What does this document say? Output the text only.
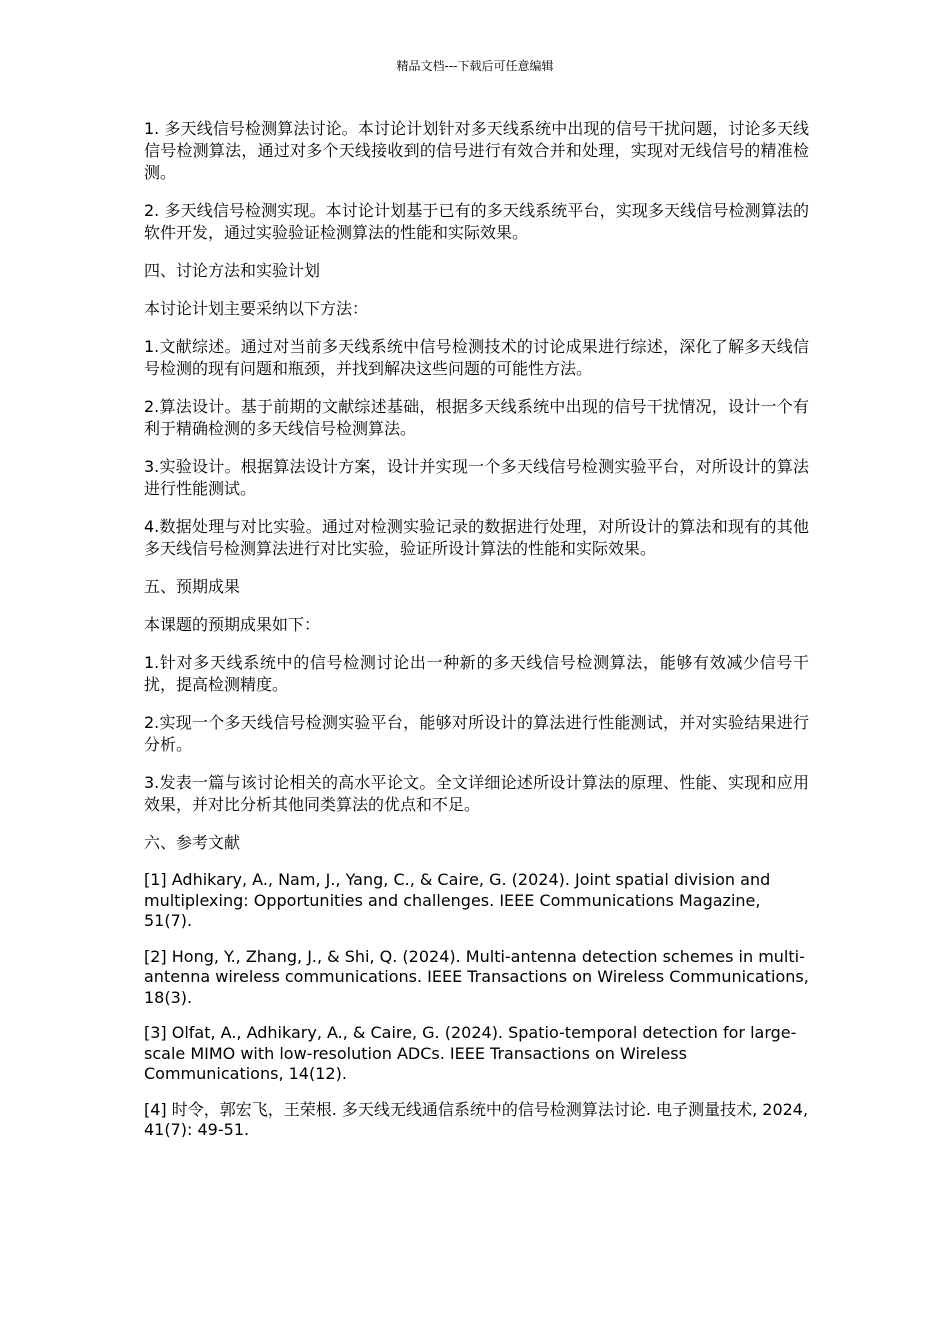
精品文档---下载后可任意编辑

1. 多天线信号检测算法讨论。本讨论计划针对多天线系统中出现的信号干扰问题，讨论多天线信号检测算法，通过对多个天线接收到的信号进行有效合并和处理，实现对无线信号的精准检测。

2. 多天线信号检测实现。本讨论计划基于已有的多天线系统平台，实现多天线信号检测算法的软件开发，通过实验验证检测算法的性能和实际效果。

四、讨论方法和实验计划

本讨论计划主要采纳以下方法：

1.文献综述。通过对当前多天线系统中信号检测技术的讨论成果进行综述，深化了解多天线信号检测的现有问题和瓶颈，并找到解决这些问题的可能性方法。

2.算法设计。基于前期的文献综述基础，根据多天线系统中出现的信号干扰情况，设计一个有利于精确检测的多天线信号检测算法。

3.实验设计。根据算法设计方案，设计并实现一个多天线信号检测实验平台，对所设计的算法进行性能测试。

4.数据处理与对比实验。通过对检测实验记录的数据进行处理，对所设计的算法和现有的其他多天线信号检测算法进行对比实验，验证所设计算法的性能和实际效果。

五、预期成果

本课题的预期成果如下：

1.针对多天线系统中的信号检测讨论出一种新的多天线信号检测算法，能够有效减少信号干扰，提高检测精度。

2.实现一个多天线信号检测实验平台，能够对所设计的算法进行性能测试，并对实验结果进行分析。

3.发表一篇与该讨论相关的高水平论文。全文详细论述所设计算法的原理、性能、实现和应用效果，并对比分析其他同类算法的优点和不足。

六、参考文献

[1] Adhikary, A., Nam, J., Yang, C., & Caire, G. (2024). Joint spatial division and multiplexing: Opportunities and challenges. IEEE Communications Magazine, 51(7).

[2] Hong, Y., Zhang, J., & Shi, Q. (2024). Multi-antenna detection schemes in multi-antenna wireless communications. IEEE Transactions on Wireless Communications, 18(3).

[3] Olfat, A., Adhikary, A., & Caire, G. (2024). Spatio-temporal detection for large-scale MIMO with low-resolution ADCs. IEEE Transactions on Wireless Communications, 14(12).

[4] 时令，郭宏飞，王荣根. 多天线无线通信系统中的信号检测算法讨论. 电子测量技术, 2024, 41(7): 49-51.
